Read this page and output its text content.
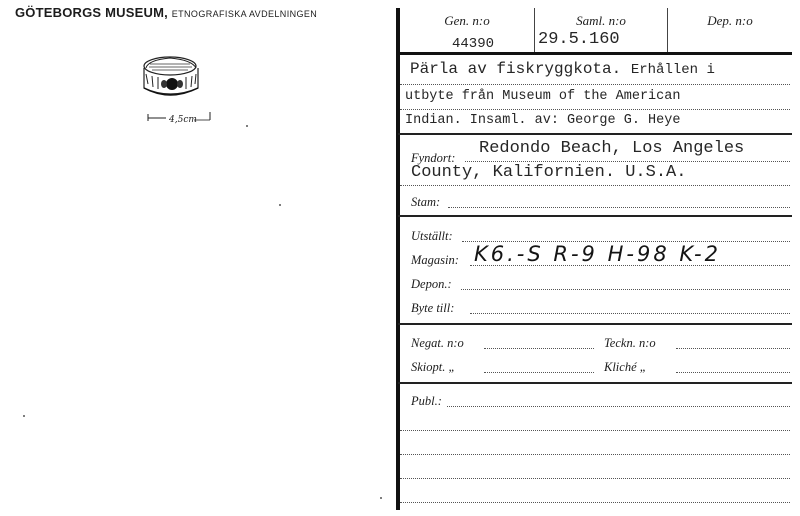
GÖTEBORGS MUSEUM, ETNOGRAFISKA AVDELNINGEN
4,5cm
Gen. n:o
44390
Saml. n:o
29.5.160
Dep. n:o
Pärla av fiskryggkota. Erhållen i
utbyte från Museum of the American
Indian. Insaml. av: George G. Heye
Fyndort: Redondo Beach, Los Angeles
County, Kalifornien. U.S.A.
Stam:
Utställt:
Magasin: K6.-S R-9 H-98 K-2
Depon.:
Byte till:
Negat. n:o	Teckn. n:o
Skiopt. „	Kliché „
Publ.:
